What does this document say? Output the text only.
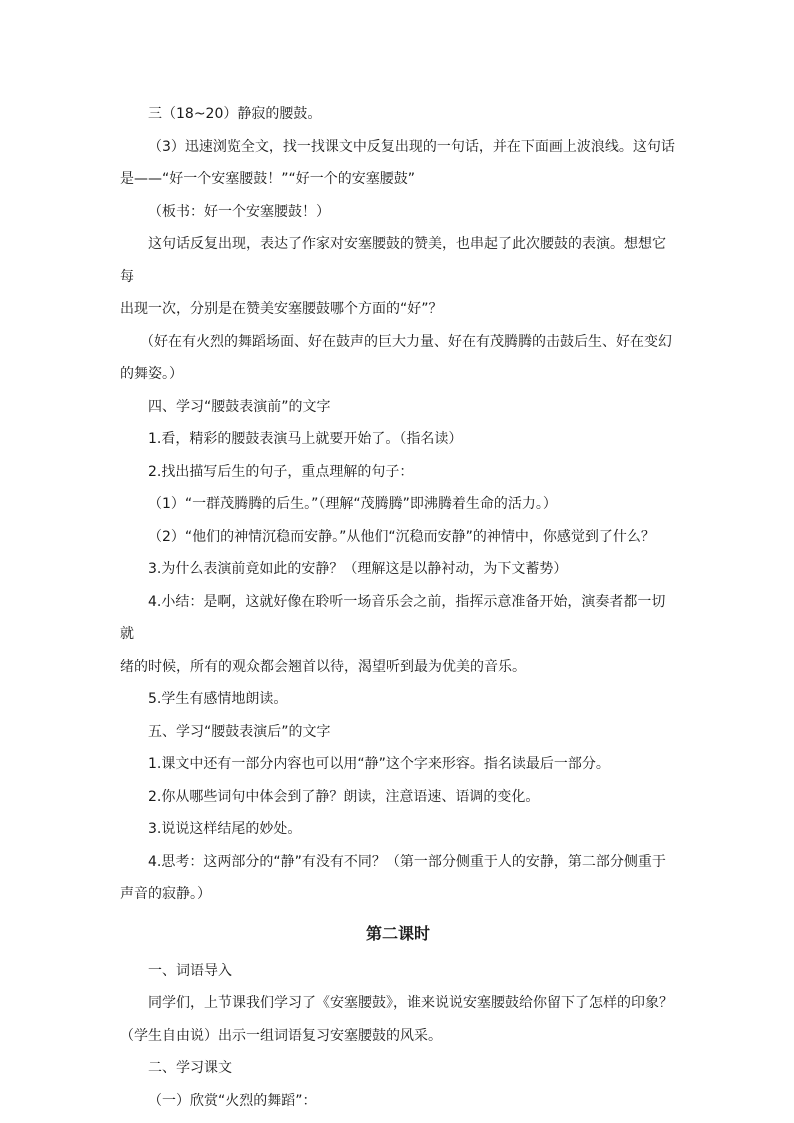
三（18~20）静寂的腰鼓。

（3）迅速浏览全文，找一找课文中反复出现的一句话，并在下面画上波浪线。这句话

是——“好一个安塞腰鼓！”“好一个的安塞腰鼓”

（板书：好一个安塞腰鼓！）

这句话反复出现，表达了作家对安塞腰鼓的赞美，也串起了此次腰鼓的表演。想想它每

出现一次，分别是在赞美安塞腰鼓哪个方面的“好”？

（好在有火烈的舞蹈场面、好在鼓声的巨大力量、好在有茂腾腾的击鼓后生、好在变幻

的舞姿。）

四、学习“腰鼓表演前”的文字

1.看，精彩的腰鼓表演马上就要开始了。（指名读）

2.找出描写后生的句子，重点理解的句子：

（1）“一群茂腾腾的后生。”（理解“茂腾腾”即沸腾着生命的活力。）

（2）“他们的神情沉稳而安静。”从他们“沉稳而安静”的神情中，你感觉到了什么？

3.为什么表演前竟如此的安静？（理解这是以静衬动，为下文蓄势）

4.小结：是啊，这就好像在聆听一场音乐会之前，指挥示意准备开始，演奏者都一切就

绪的时候，所有的观众都会翘首以待，渴望听到最为优美的音乐。

5.学生有感情地朗读。

五、学习“腰鼓表演后”的文字

1.课文中还有一部分内容也可以用“静”这个字来形容。指名读最后一部分。

2.你从哪些词句中体会到了静？朗读，注意语速、语调的变化。

3.说说这样结尾的妙处。

4.思考：这两部分的“静”有没有不同？（第一部分侧重于人的安静，第二部分侧重于

声音的寂静。）

第二课时

一、词语导入

同学们，上节课我们学习了《安塞腰鼓》，谁来说说安塞腰鼓给你留下了怎样的印象？

（学生自由说）出示一组词语复习安塞腰鼓的风采。

二、学习课文

（一）欣赏“火烈的舞蹈”：
